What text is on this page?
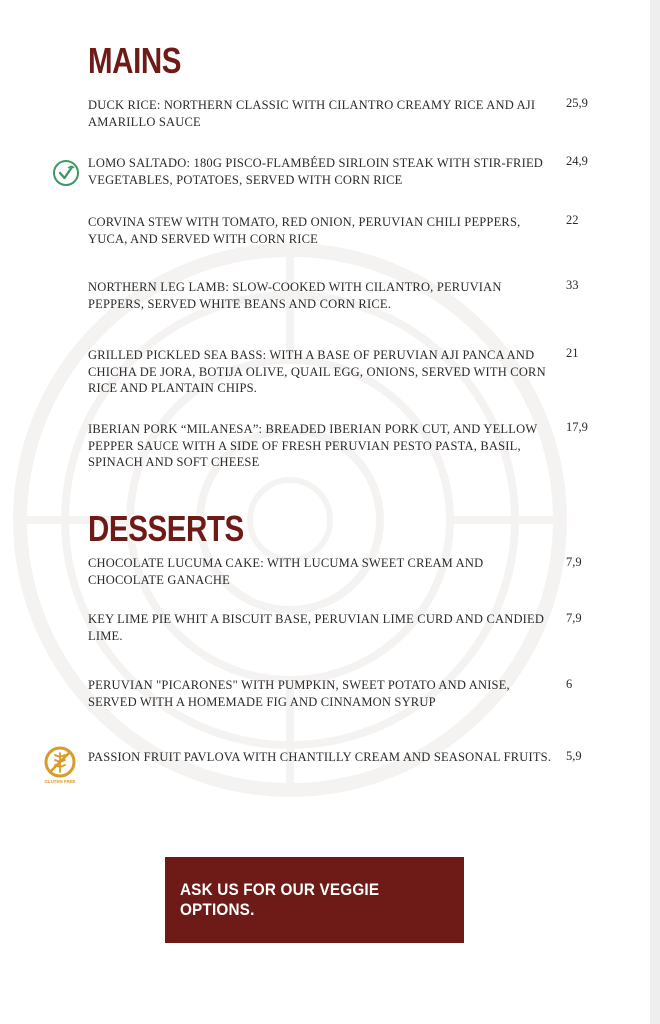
MAINS
DUCK RICE: NORTHERN CLASSIC WITH CILANTRO CREAMY RICE AND AJI AMARILLO SAUCE
25,9
LOMO SALTADO: 180G PISCO-FLAMBÉED SIRLOIN STEAK WITH STIR-FRIED VEGETABLES, POTATOES, SERVED WITH CORN RICE
24,9
CORVINA STEW WITH TOMATO, RED ONION, PERUVIAN CHILI PEPPERS, YUCA, AND SERVED WITH CORN RICE
22
NORTHERN LEG LAMB: SLOW-COOKED WITH CILANTRO, PERUVIAN PEPPERS, SERVED WHITE BEANS AND CORN RICE.
33
GRILLED PICKLED SEA BASS: WITH A BASE OF PERUVIAN AJI PANCA AND CHICHA DE JORA, BOTIJA OLIVE, QUAIL EGG, ONIONS, SERVED WITH CORN RICE AND PLANTAIN CHIPS.
21
IBERIAN PORK “MILANESA”: BREADED IBERIAN PORK CUT, AND YELLOW PEPPER SAUCE WITH A SIDE OF FRESH PERUVIAN PESTO PASTA, BASIL, SPINACH AND SOFT CHEESE
17,9
DESSERTS
CHOCOLATE LUCUMA CAKE: WITH LUCUMA SWEET CREAM AND CHOCOLATE GANACHE
7,9
KEY LIME PIE WHIT A BISCUIT BASE, PERUVIAN LIME CURD AND CANDIED LIME.
7,9
PERUVIAN "PICARONES" WITH PUMPKIN, SWEET POTATO AND ANISE, SERVED WITH A HOMEMADE FIG AND CINNAMON SYRUP
6
GLUTEN FREE
PASSION FRUIT PAVLOVA WITH CHANTILLY CREAM AND SEASONAL FRUITS.	5,9
ASK US FOR OUR VEGGIE OPTIONS.
